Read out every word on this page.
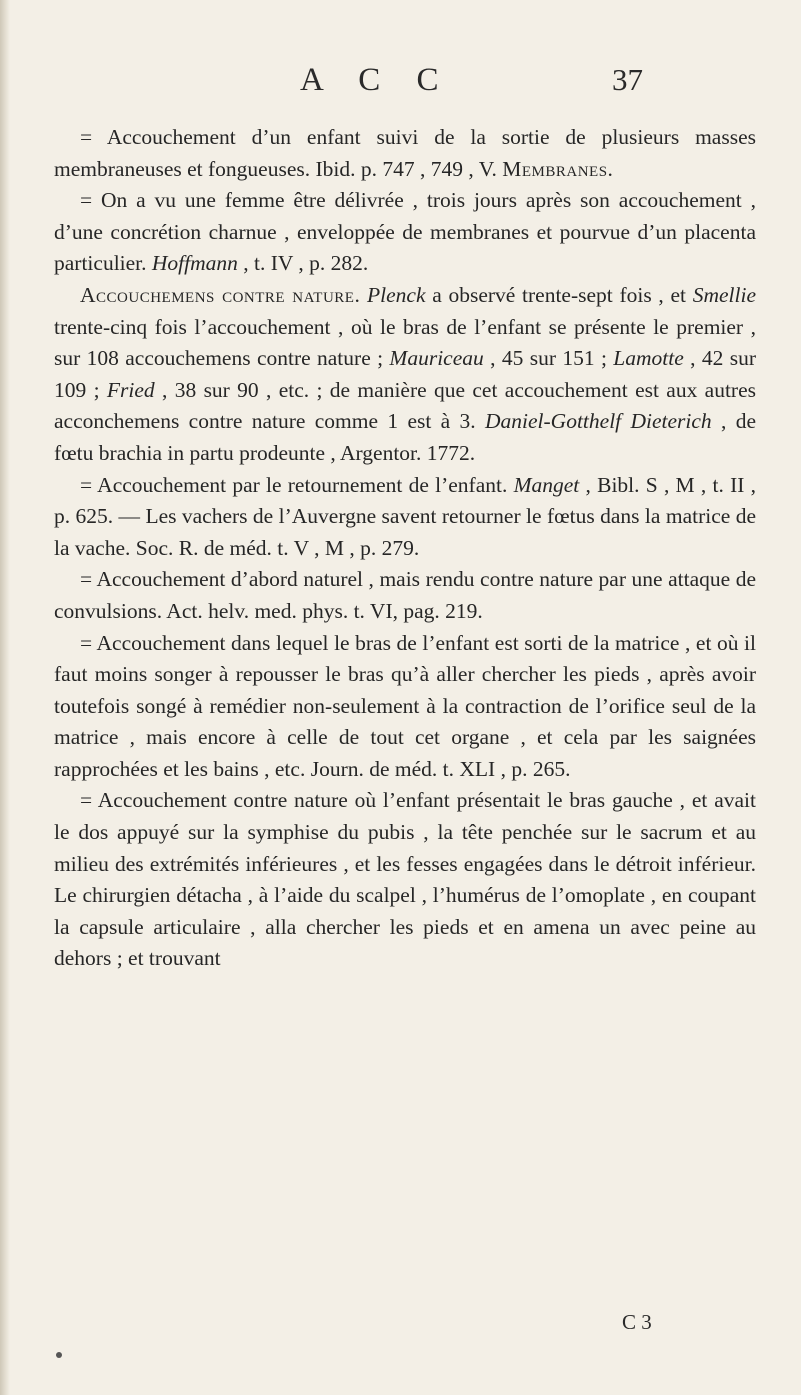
A C C	37

= Accouchement d’un enfant suivi de la sortie de plusieurs masses membraneuses et fongueuses. Ibid. p. 747 , 749 , V. Membranes.

= On a vu une femme être délivrée , trois jours après son accouchement , d’une concrétion charnue , enveloppée de membranes et pourvue d’un placenta particulier. Hoffmann , t. IV , p. 282.

Accouchemens contre nature. Plenck a observé trente-sept fois , et Smellie trente-cinq fois l’accouchement , où le bras de l’enfant se présente le premier , sur 108 accouchemens contre nature ; Mauriceau , 45 sur 151 ; Lamotte , 42 sur 109 ; Fried , 38 sur 90 , etc. ; de manière que cet accouchement est aux autres acconchemens contre nature comme 1 est à 3. Daniel-Gotthelf Dieterich , de fœtu brachia in partu prodeunte , Argentor. 1772.

= Accouchement par le retournement de l’enfant. Manget , Bibl. S , M , t. II , p. 625. — Les vachers de l’Auvergne savent retourner le fœtus dans la matrice de la vache. Soc. R. de méd. t. V , M , p. 279.

= Accouchement d’abord naturel , mais rendu contre nature par une attaque de convulsions. Act. helv. med. phys. t. VI, pag. 219.

= Accouchement dans lequel le bras de l’enfant est sorti de la matrice , et où il faut moins songer à repousser le bras qu’à aller chercher les pieds , après avoir toutefois songé à remédier non-seulement à la contraction de l’orifice seul de la matrice , mais encore à celle de tout cet organe , et cela par les saignées rapprochées et les bains , etc. Journ. de méd. t. XLI , p. 265.

= Accouchement contre nature où l’enfant présentait le bras gauche , et avait le dos appuyé sur la symphise du pubis , la tête penchée sur le sacrum et au milieu des extrémités inférieures , et les fesses engagées dans le détroit inférieur. Le chirurgien détacha , à l’aide du scalpel , l’humérus de l’omoplate , en coupant la capsule articulaire , alla chercher les pieds et en amena un avec peine au dehors ; et trouvant

C 3
